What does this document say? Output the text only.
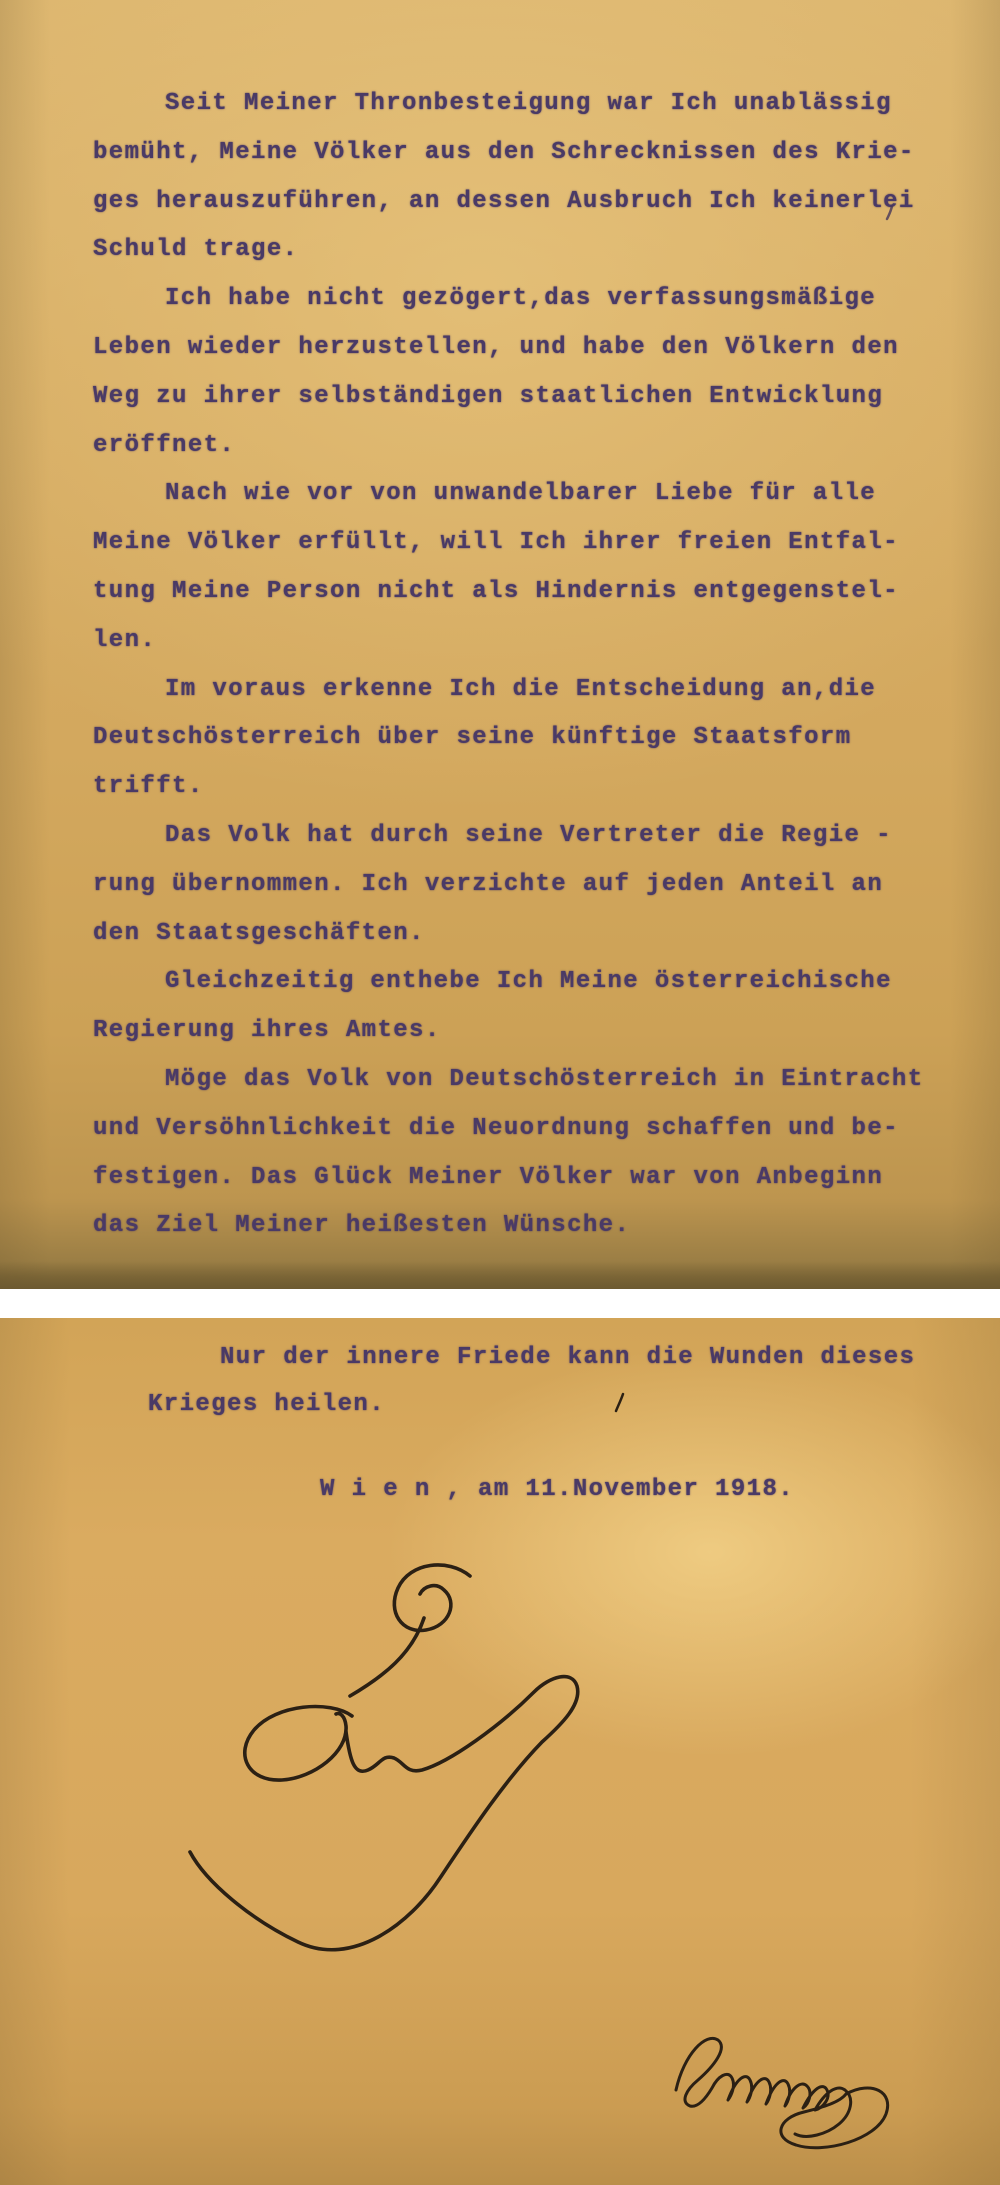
Seit Meiner Thronbesteigung war Ich unablässig
bemüht, Meine Völker aus den Schrecknissen des Krie-
ges herauszuführen, an dessen Ausbruch Ich keinerlei
Schuld trage.
Ich habe nicht gezögert,das verfassungsmäßige
Leben wieder herzustellen, und habe den Völkern den
Weg zu ihrer selbständigen staatlichen Entwicklung
eröffnet.
Nach wie vor von unwandelbarer Liebe für alle
Meine Völker erfüllt, will Ich ihrer freien Entfal-
tung Meine Person nicht als Hindernis entgegenstel-
len.
Im voraus erkenne Ich die Entscheidung an,die
Deutschösterreich über seine künftige Staatsform
trifft.
Das Volk hat durch seine Vertreter die Regie -
rung übernommen. Ich verzichte auf jeden Anteil an
den Staatsgeschäften.
Gleichzeitig enthebe Ich Meine österreichische
Regierung ihres Amtes.
Möge das Volk von Deutschösterreich in Eintracht
und Versöhnlichkeit die Neuordnung schaffen und be-
festigen. Das Glück Meiner Völker war von Anbeginn
das Ziel Meiner heißesten Wünsche.
Nur der innere Friede kann die Wunden dieses
Krieges heilen.
W i e n , am 11.November 1918.
